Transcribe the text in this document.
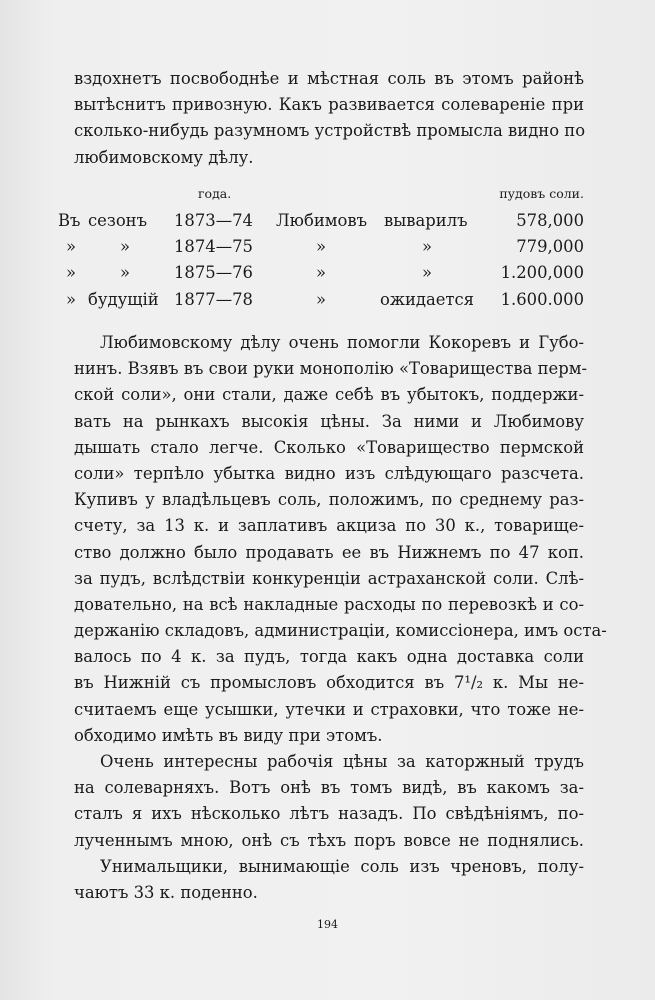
вздохнетъ посвободнѣе и мѣстная соль въ этомъ районѣ
вытѣснитъ привозную. Какъ развивается солевареніе при
сколько-нибудь разумномъ устройствѣ промысла видно по
любимовскому дѣлу.
года.	пудовъ соли.
Въ сезонъ 1873—74 Любимовъ выварилъ	578,000
»	»	1874—75	»	»	779,000
»	»	1875—76	»	»	1.200,000
» будущій 1877—78	»	ожидается 1.600.000
Любимовскому дѣлу очень помогли Кокоревъ и Губо-
нинъ. Взявъ въ свои руки монополію «Товарищества перм-
ской соли», они стали, даже себѣ въ убытокъ, поддержи-
вать на рынкахъ высокія цѣны. За ними и Любимову
дышать стало легче. Сколько «Товарищество пермской
соли» терпѣло убытка видно изъ слѣдующаго разсчета.
Купивъ у владѣльцевъ соль, положимъ, по среднему раз-
счету, за 13 к. и заплативъ акциза по 30 к., товарище-
ство должно было продавать ее въ Нижнемъ по 47 коп.
за пудъ, вслѣдствіи конкуренціи астраханской соли. Слѣ-
довательно, на всѣ накладные расходы по перевозкѣ и со-
держанію складовъ, администраціи, комиссіонера, имъ оста-
валось по 4 к. за пудъ, тогда какъ одна доставка соли
въ Нижній съ промысловъ обходится въ 7¹/₂ к. Мы не-
считаемъ еще усышки, утечки и страховки, что тоже не-
обходимо имѣть въ виду при этомъ.
Очень интересны рабочія цѣны за каторжный трудъ
на солеварняхъ. Вотъ онѣ въ томъ видѣ, въ какомъ за-
сталъ я ихъ нѣсколько лѣтъ назадъ. По свѣдѣніямъ, по-
лученнымъ мною, онѣ съ тѣхъ поръ вовсе не поднялись.
Унимальщики, вынимающіе соль изъ чреновъ, полу-
чаютъ 33 к. поденно.
194
